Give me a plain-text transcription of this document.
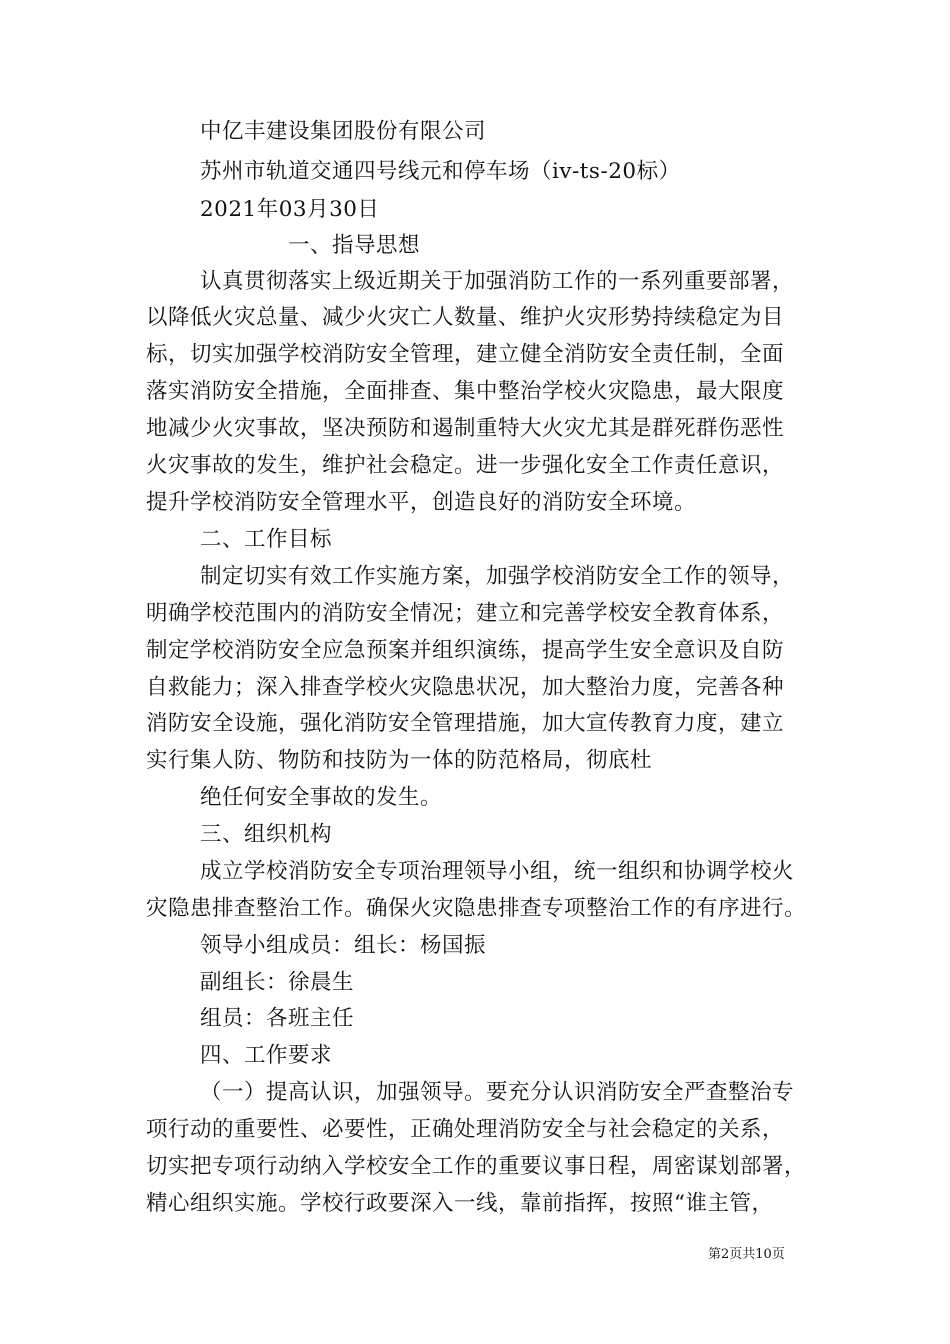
中亿丰建设集团股份有限公司
苏州市轨道交通四号线元和停车场（iv-ts-20标）
2021年03月30日
一、指导思想
认真贯彻落实上级近期关于加强消防工作的一系列重要部署，
以降低火灾总量、减少火灾亡人数量、维护火灾形势持续稳定为目
标，切实加强学校消防安全管理，建立健全消防安全责任制，全面
落实消防安全措施，全面排查、集中整治学校火灾隐患，最大限度
地减少火灾事故，坚决预防和遏制重特大火灾尤其是群死群伤恶性
火灾事故的发生，维护社会稳定。进一步强化安全工作责任意识，
提升学校消防安全管理水平，创造良好的消防安全环境。
二、工作目标
制定切实有效工作实施方案，加强学校消防安全工作的领导，
明确学校范围内的消防安全情况；建立和完善学校安全教育体系，
制定学校消防安全应急预案并组织演练，提高学生安全意识及自防
自救能力；深入排查学校火灾隐患状况，加大整治力度，完善各种
消防安全设施，强化消防安全管理措施，加大宣传教育力度，建立
实行集人防、物防和技防为一体的防范格局，彻底杜
绝任何安全事故的发生。
三、组织机构
成立学校消防安全专项治理领导小组，统一组织和协调学校火
灾隐患排查整治工作。确保火灾隐患排查专项整治工作的有序进行。
领导小组成员：组长：杨国振
副组长：徐晨生
组员：各班主任
四、工作要求
（一）提高认识，加强领导。要充分认识消防安全严查整治专
项行动的重要性、必要性，正确处理消防安全与社会稳定的关系，
切实把专项行动纳入学校安全工作的重要议事日程，周密谋划部署，
精心组织实施。学校行政要深入一线，靠前指挥，按照“谁主管，
第2页共10页
